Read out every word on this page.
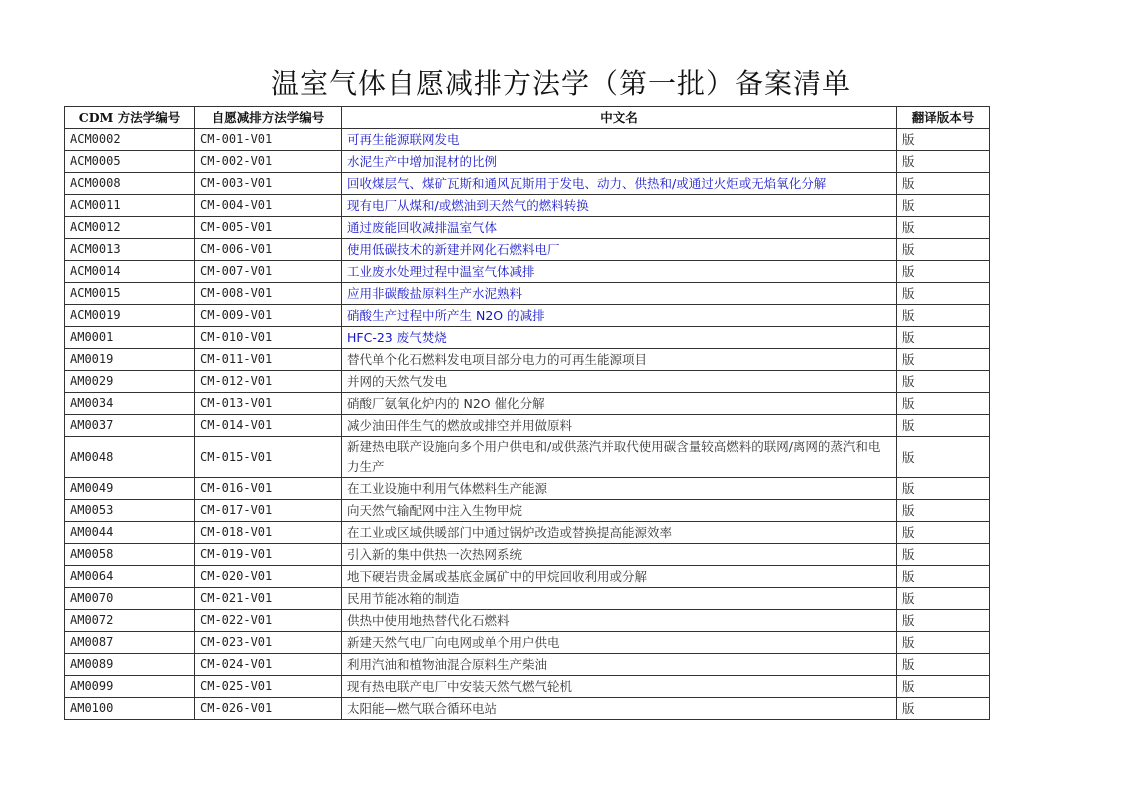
温室气体自愿减排方法学（第一批）备案清单
CDM 方法学编号	自愿减排方法学编号	中文名	翻译版本号
ACM0002	CM-001-V01	可再生能源联网发电	版
ACM0005	CM-002-V01	水泥生产中增加混材的比例	版
ACM0008	CM-003-V01	回收煤层气、煤矿瓦斯和通风瓦斯用于发电、动力、供热和/或通过火炬或无焰氧化分解	版
ACM0011	CM-004-V01	现有电厂从煤和/或燃油到天然气的燃料转换	版
ACM0012	CM-005-V01	通过废能回收减排温室气体	版
ACM0013	CM-006-V01	使用低碳技术的新建并网化石燃料电厂	版
ACM0014	CM-007-V01	工业废水处理过程中温室气体减排	版
ACM0015	CM-008-V01	应用非碳酸盐原料生产水泥熟料	版
ACM0019	CM-009-V01	硝酸生产过程中所产生 N2O 的减排	版
AM0001	CM-010-V01	HFC-23 废气焚烧	版
AM0019	CM-011-V01	替代单个化石燃料发电项目部分电力的可再生能源项目	版
AM0029	CM-012-V01	并网的天然气发电	版
AM0034	CM-013-V01	硝酸厂氨氧化炉内的 N2O 催化分解	版
AM0037	CM-014-V01	减少油田伴生气的燃放或排空并用做原料	版
AM0048	CM-015-V01	新建热电联产设施向多个用户供电和/或供蒸汽并取代使用碳含量较高燃料的联网/离网的蒸汽和电力生产	版
AM0049	CM-016-V01	在工业设施中利用气体燃料生产能源	版
AM0053	CM-017-V01	向天然气输配网中注入生物甲烷	版
AM0044	CM-018-V01	在工业或区域供暖部门中通过锅炉改造或替换提高能源效率	版
AM0058	CM-019-V01	引入新的集中供热一次热网系统	版
AM0064	CM-020-V01	地下硬岩贵金属或基底金属矿中的甲烷回收利用或分解	版
AM0070	CM-021-V01	民用节能冰箱的制造	版
AM0072	CM-022-V01	供热中使用地热替代化石燃料	版
AM0087	CM-023-V01	新建天然气电厂向电网或单个用户供电	版
AM0089	CM-024-V01	利用汽油和植物油混合原料生产柴油	版
AM0099	CM-025-V01	现有热电联产电厂中安装天然气燃气轮机	版
AM0100	CM-026-V01	太阳能—燃气联合循环电站	版
